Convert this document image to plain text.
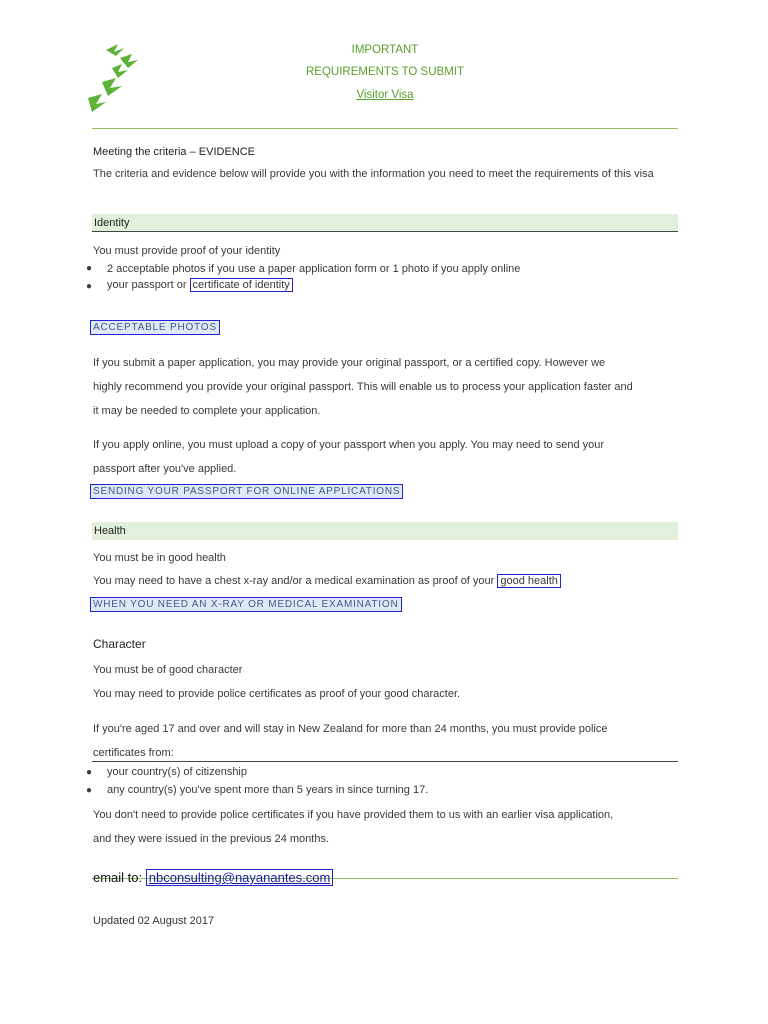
IMPORTANT
REQUIREMENTS TO SUBMIT
Visitor Visa
Meeting the criteria – EVIDENCE
The criteria and evidence below will provide you with the information you need to meet the requirements of this visa
Identity
You must provide proof of your identity
● 2 acceptable photos if you use a paper application form or 1 photo if you apply online
● your passport or certificate of identity
ACCEPTABLE PHOTOS
If you submit a paper application, you may provide your original passport, or a certified copy. However we
highly recommend you provide your original passport. This will enable us to process your application faster and
it may be needed to complete your application.
If you apply online, you must upload a copy of your passport when you apply. You may need to send your
passport after you've applied.
SENDING YOUR PASSPORT FOR ONLINE APPLICATIONS
Health
You must be in good health
You may need to have a chest x-ray and/or a medical examination as proof of your good health
WHEN YOU NEED AN X-RAY OR MEDICAL EXAMINATION
Character
You must be of good character
You may need to provide police certificates as proof of your good character.
If you're aged 17 and over and will stay in New Zealand for more than 24 months, you must provide police
certificates from:
● your country(s) of citizenship
● any country(s) you've spent more than 5 years in since turning 17.
You don't need to provide police certificates if you have provided them to us with an earlier visa application,
and they were issued in the previous 24 months.
email to: nbconsulting@nayanantes.com
Updated 02 August 2017
